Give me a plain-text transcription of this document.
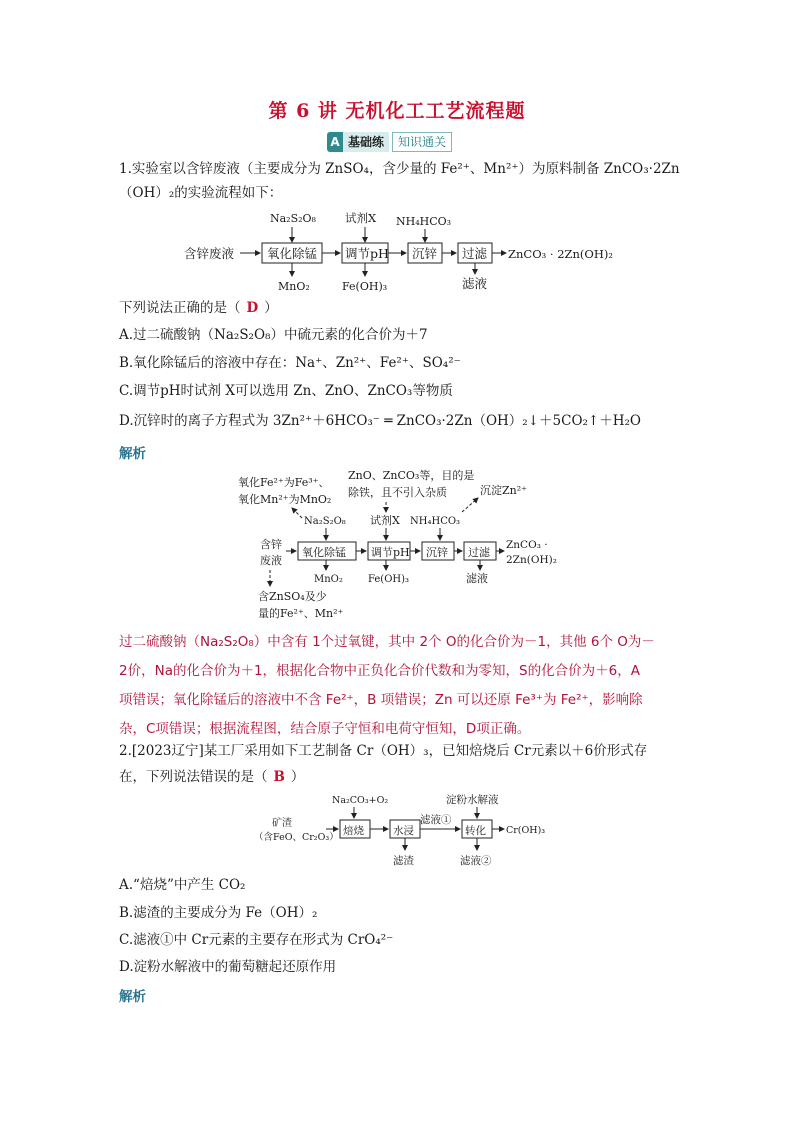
第 6 讲 无机化工工艺流程题
A 基础练	知识通关
1.实验室以含锌废液（主要成分为 ZnSO₄，含少量的 Fe²⁺、Mn²⁺）为原料制备 ZnCO₃·2Zn
（OH）₂的实验流程如下：
含锌废液	氧化除锰 调节pH 沉锌 过滤 ZnCO₃ · 2Zn(OH)₂
Na₂S₂O₈	试剂X NH₄HCO₃
MnO₂	Fe(OH)₃	滤液
下列说法正确的是（ D ）
A.过二硫酸钠（Na₂S₂O₈）中硫元素的化合价为＋7
B.氧化除锰后的溶液中存在：Na⁺、Zn²⁺、Fe²⁺、SO₄²⁻
C.调节pH时试剂 X可以选用 Zn、ZnO、ZnCO₃等物质
D.沉锌时的离子方程式为 3Zn²⁺＋6HCO₃⁻ ═ ZnCO₃·2Zn（OH）₂↓＋5CO₂↑＋H₂O
解析
氧化Fe²⁺为Fe³⁺、
氧化Mn²⁺为MnO₂
ZnO、ZnCO₃等，目的是
除铁，且不引入杂质	沉淀Zn²⁺
Na₂S₂O₈ 试剂X NH₄HCO₃
含锌
废液
氧化除锰 调节pH 沉锌 过滤
ZnCO₃ ·
2Zn(OH)₂
MnO₂	Fe(OH)₃	滤液
含ZnSO₄及少
量的Fe²⁺、Mn²⁺
过二硫酸钠（Na₂S₂O₈）中含有 1个过氧键，其中 2个 O的化合价为－1，其他 6个 O为－
2价，Na的化合价为＋1，根据化合物中正负化合价代数和为零知，S的化合价为＋6，A
项错误；氧化除锰后的溶液中不含 Fe²⁺，B 项错误；Zn 可以还原 Fe³⁺为 Fe²⁺，影响除
杂，C项错误；根据流程图，结合原子守恒和电荷守恒知，D项正确。
2.[2023辽宁]某工厂采用如下工艺制备 Cr（OH）₃，已知焙烧后 Cr元素以＋6价形式存
在，下列说法错误的是（ B ）
Na₂CO₃+O₂	淀粉水解液
矿渣
（含FeO、Cr₂O₃）
焙烧	水浸
滤液①
转化 Cr(OH)₃
滤渣	滤液②
A.“焙烧”中产生 CO₂
B.滤渣的主要成分为 Fe（OH）₂
C.滤液①中 Cr元素的主要存在形式为 CrO₄²⁻
D.淀粉水解液中的葡萄糖起还原作用
解析
